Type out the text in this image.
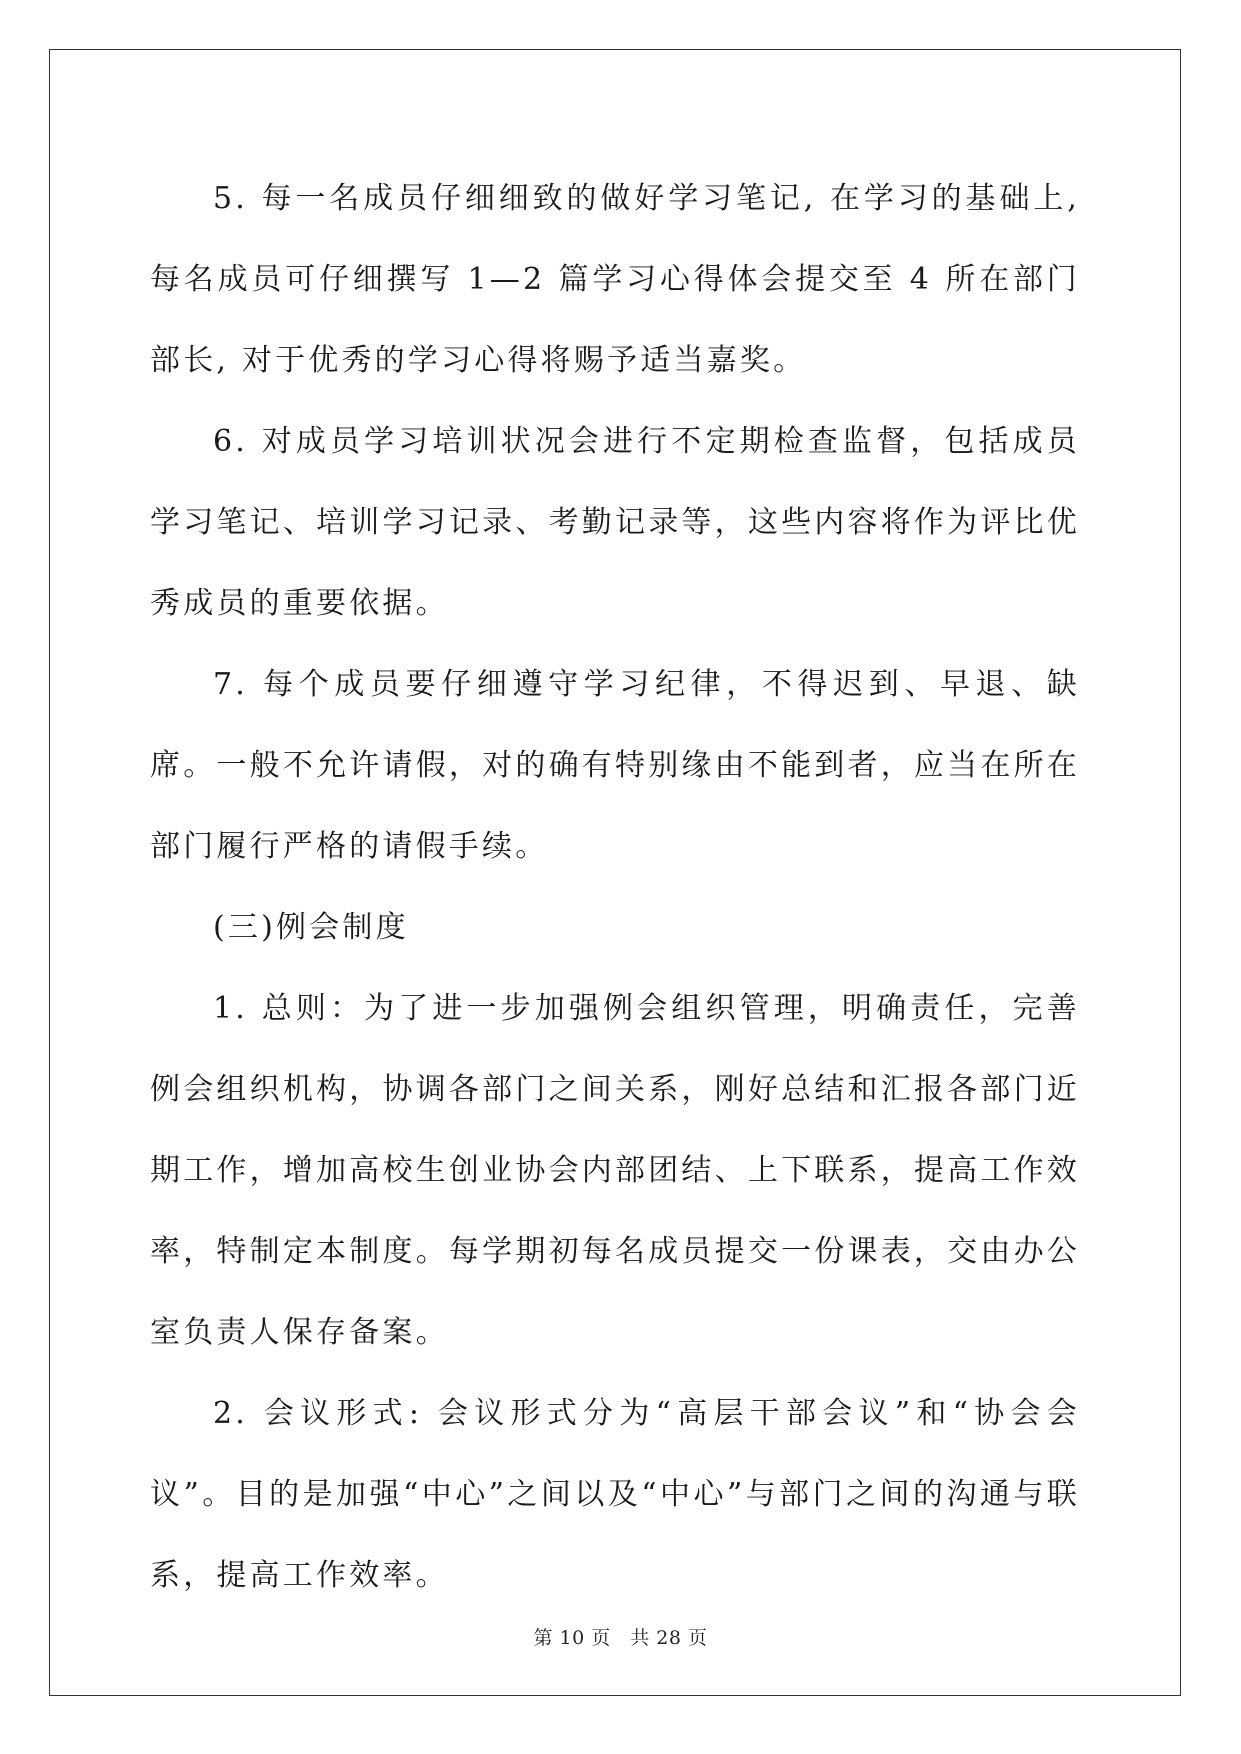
5. 每一名成员仔细细致的做好学习笔记, 在学习的基础上, 每名成员可仔细撰写 1—2 篇学习心得体会提交至 4 所在部门部长, 对于优秀的学习心得将赐予适当嘉奖。

6. 对成员学习培训状况会进行不定期检查监督，包括成员学习笔记、培训学习记录、考勤记录等，这些内容将作为评比优秀成员的重要依据。

7. 每个成员要仔细遵守学习纪律，不得迟到、早退、缺席。一般不允许请假，对的确有特别缘由不能到者，应当在所在部门履行严格的请假手续。

(三)例会制度

1. 总则：为了进一步加强例会组织管理，明确责任，完善例会组织机构，协调各部门之间关系，刚好总结和汇报各部门近期工作，增加高校生创业协会内部团结、上下联系，提高工作效率，特制定本制度。每学期初每名成员提交一份课表，交由办公室负责人保存备案。

2. 会议形式: 会议形式分为“高层干部会议”和“协会会议”。目的是加强“中心”之间以及“中心”与部门之间的沟通与联系，提高工作效率。

第 10 页　共 28 页
